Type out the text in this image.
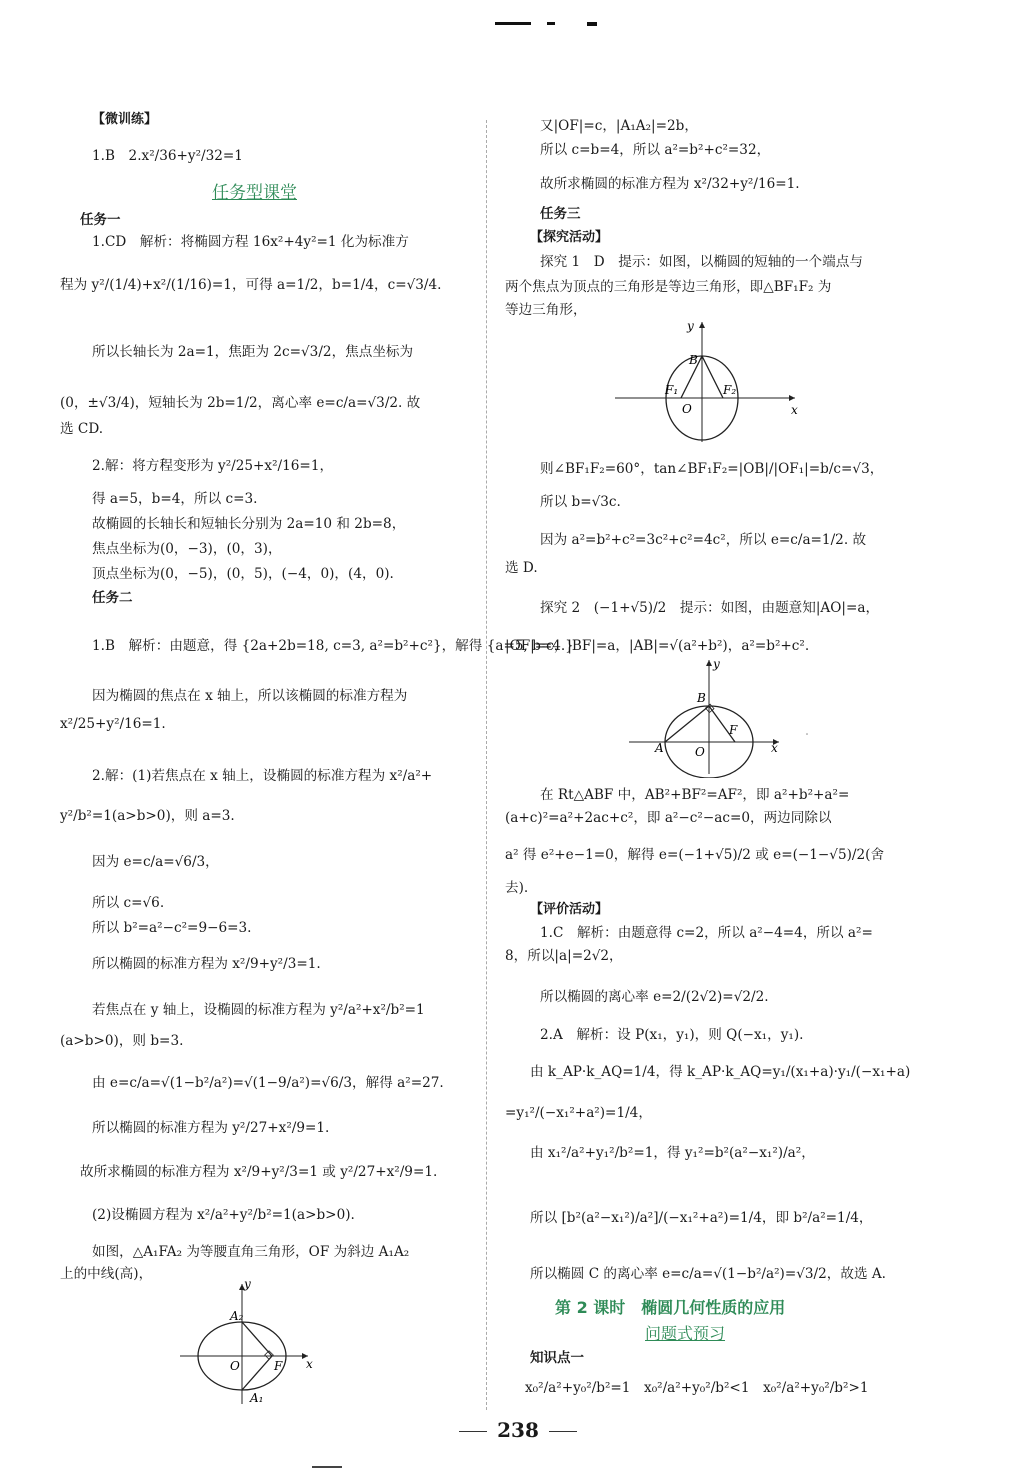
【微训练】
1.B　2.x²/36+y²/32=1
任务型课堂
任务一
1.CD　解析：将椭圆方程 16x²+4y²=1 化为标准方
程为 y²/(1/4)+x²/(1/16)=1，可得 a=1/2，b=1/4，c=√3/4.
所以长轴长为 2a=1，焦距为 2c=√3/2，焦点坐标为
(0，±√3/4)，短轴长为 2b=1/2，离心率 e=c/a=√3/2. 故
选 CD.
2.解：将方程变形为 y²/25+x²/16=1，
得 a=5，b=4，所以 c=3.
故椭圆的长轴长和短轴长分别为 2a=10 和 2b=8，
焦点坐标为(0，−3)，(0，3)，
顶点坐标为(0，−5)，(0，5)，(−4，0)，(4，0).
任务二
1.B　解析：由题意，得 {2a+2b=18, c=3, a²=b²+c²}，解得 {a=5, b=4.}
因为椭圆的焦点在 x 轴上，所以该椭圆的标准方程为
x²/25+y²/16=1.
2.解：(1)若焦点在 x 轴上，设椭圆的标准方程为 x²/a²+
y²/b²=1(a>b>0)，则 a=3.
因为 e=c/a=√6/3，
所以 c=√6.
所以 b²=a²−c²=9−6=3.
所以椭圆的标准方程为 x²/9+y²/3=1.
若焦点在 y 轴上，设椭圆的标准方程为 y²/a²+x²/b²=1
(a>b>0)，则 b=3.
由 e=c/a=√(1−b²/a²)=√(1−9/a²)=√6/3，解得 a²=27.
所以椭圆的标准方程为 y²/27+x²/9=1.
故所求椭圆的标准方程为 x²/9+y²/3=1 或 y²/27+x²/9=1.
(2)设椭圆方程为 x²/a²+y²/b²=1(a>b>0).
如图，△A₁FA₂ 为等腰直角三角形，OF 为斜边 A₁A₂
上的中线(高)，
y
x
A₂
A₁
O	F
又|OF|=c，|A₁A₂|=2b，
所以 c=b=4，所以 a²=b²+c²=32，
故所求椭圆的标准方程为 x²/32+y²/16=1.
任务三
【探究活动】
探究 1　D　提示：如图，以椭圆的短轴的一个端点与
两个焦点为顶点的三角形是等边三角形，即△BF₁F₂ 为
等边三角形，
则∠BF₁F₂=60°，tan∠BF₁F₂=|OB|/|OF₁|=b/c=√3，
所以 b=√3c.
因为 a²=b²+c²=3c²+c²=4c²，所以 e=c/a=1/2. 故
选 D.
探究 2　(−1+√5)/2　提示：如图，由题意知|AO|=a，
|OF|=c，|BF|=a，|AB|=√(a²+b²)，a²=b²+c².
在 Rt△ABF 中，AB²+BF²=AF²，即 a²+b²+a²=
(a+c)²=a²+2ac+c²，即 a²−c²−ac=0，两边同除以
a² 得 e²+e−1=0，解得 e=(−1+√5)/2 或 e=(−1−√5)/2(舍
去).
【评价活动】
1.C　解析：由题意得 c=2，所以 a²−4=4，所以 a²=
8，所以|a|=2√2，
所以椭圆的离心率 e=2/(2√2)=√2/2.
2.A　解析：设 P(x₁，y₁)，则 Q(−x₁，y₁).
由 k_AP·k_AQ=1/4，得 k_AP·k_AQ=y₁/(x₁+a)·y₁/(−x₁+a)
=y₁²/(−x₁²+a²)=1/4，
由 x₁²/a²+y₁²/b²=1，得 y₁²=b²(a²−x₁²)/a²，
所以 [b²(a²−x₁²)/a²]/(−x₁²+a²)=1/4，即 b²/a²=1/4，
所以椭圆 C 的离心率 e=c/a=√(1−b²/a²)=√3/2，故选 A.
第 2 课时　椭圆几何性质的应用
问题式预习
知识点一
x₀²/a²+y₀²/b²=1　x₀²/a²+y₀²/b²<1　x₀²/a²+y₀²/b²>1
y
x
B
F₁	F₂
O
y
x
B
A	O
F
238
